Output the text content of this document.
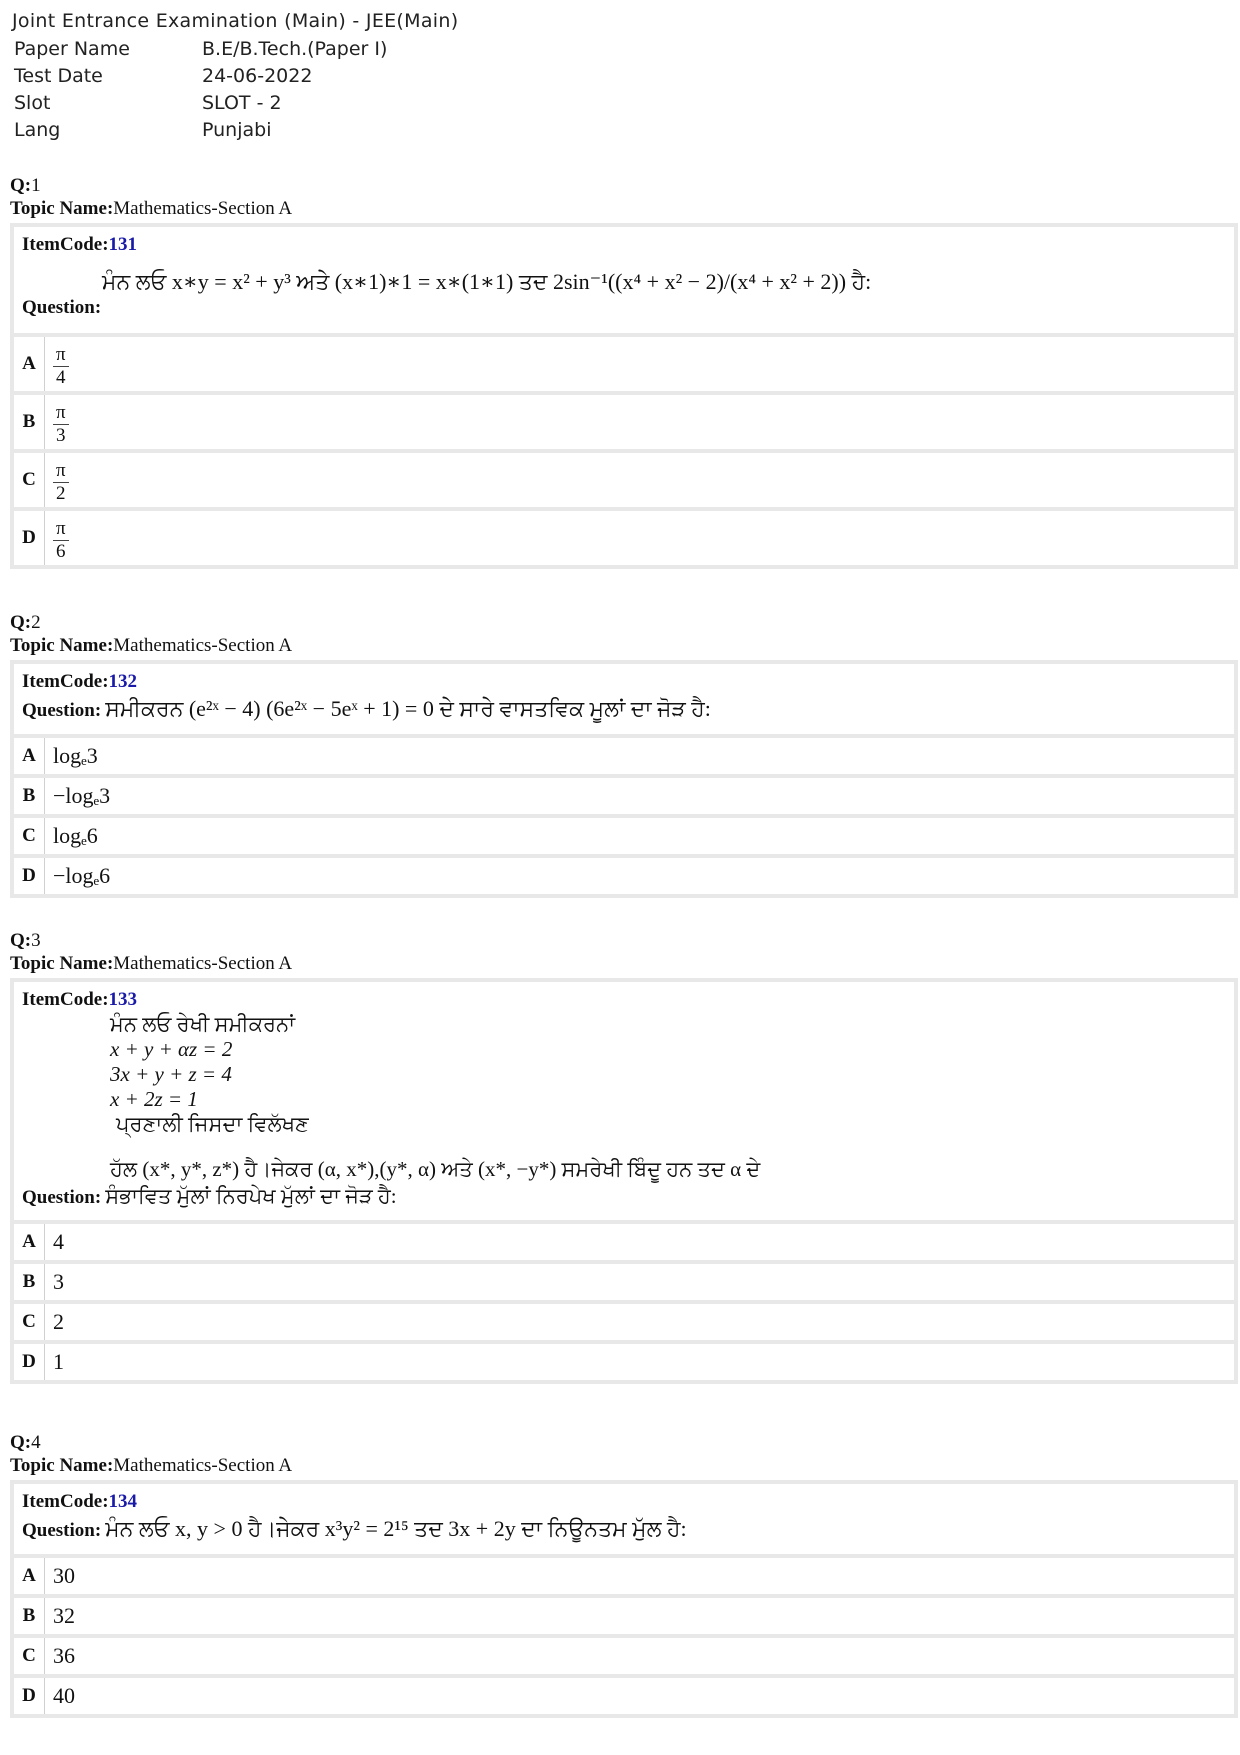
Joint Entrance Examination (Main) - JEE(Main)
Paper Name	B.E/B.Tech.(Paper I)
Test Date	24-06-2022
Slot	SLOT - 2
Lang	Punjabi
Q:1
Topic Name:Mathematics-Section A
ItemCode:131
ਮੰਨ ਲਓ x∗y = x² + y³ ਅਤੇ (x∗1)∗1 = x∗(1∗1) ਤਦ 2sin⁻¹((x⁴ + x² − 2)/(x⁴ + x² + 2)) ਹੈ:
Question:
A $\frac{\pi}{4}$
B $\frac{\pi}{3}$
C $\frac{\pi}{2}$
D $\frac{\pi}{6}$
Q:2
Topic Name:Mathematics-Section A
ItemCode:132
Question: ਸਮੀਕਰਨ (e²ˣ − 4) (6e²ˣ − 5eˣ + 1) = 0 ਦੇ ਸਾਰੇ ਵਾਸਤਵਿਕ ਮੂਲਾਂ ਦਾ ਜੋੜ ਹੈ:
A logₑ3
B −logₑ3
C logₑ6
D −logₑ6
Q:3
Topic Name:Mathematics-Section A
ItemCode:133
ਮੰਨ ਲਓ ਰੇਖੀ ਸਮੀਕਰਨਾਂ
x + y + αz = 2
3x + y + z = 4
x + 2z = 1
ਪ੍ਰਣਾਲੀ ਜਿਸਦਾ ਵਿਲੱਖਣ
ਹੱਲ (x*, y*, z*) ਹੈ।ਜੇਕਰ (α, x*),(y*, α) ਅਤੇ (x*, −y*) ਸਮਰੇਖੀ ਬਿੰਦੂ ਹਨ ਤਦ α ਦੇ
Question: ਸੰਭਾਵਿਤ ਮੁੱਲਾਂ ਨਿਰਪੇਖ ਮੁੱਲਾਂ ਦਾ ਜੋੜ ਹੈ:
A 4
B 3
C 2
D 1
Q:4
Topic Name:Mathematics-Section A
ItemCode:134
Question: ਮੰਨ ਲਓ x, y > 0 ਹੈ।ਜੇਕਰ x³y² = 2¹⁵ ਤਦ 3x + 2y ਦਾ ਨਿਊਨਤਮ ਮੁੱਲ ਹੈ:
A 30
B 32
C 36
D 40
